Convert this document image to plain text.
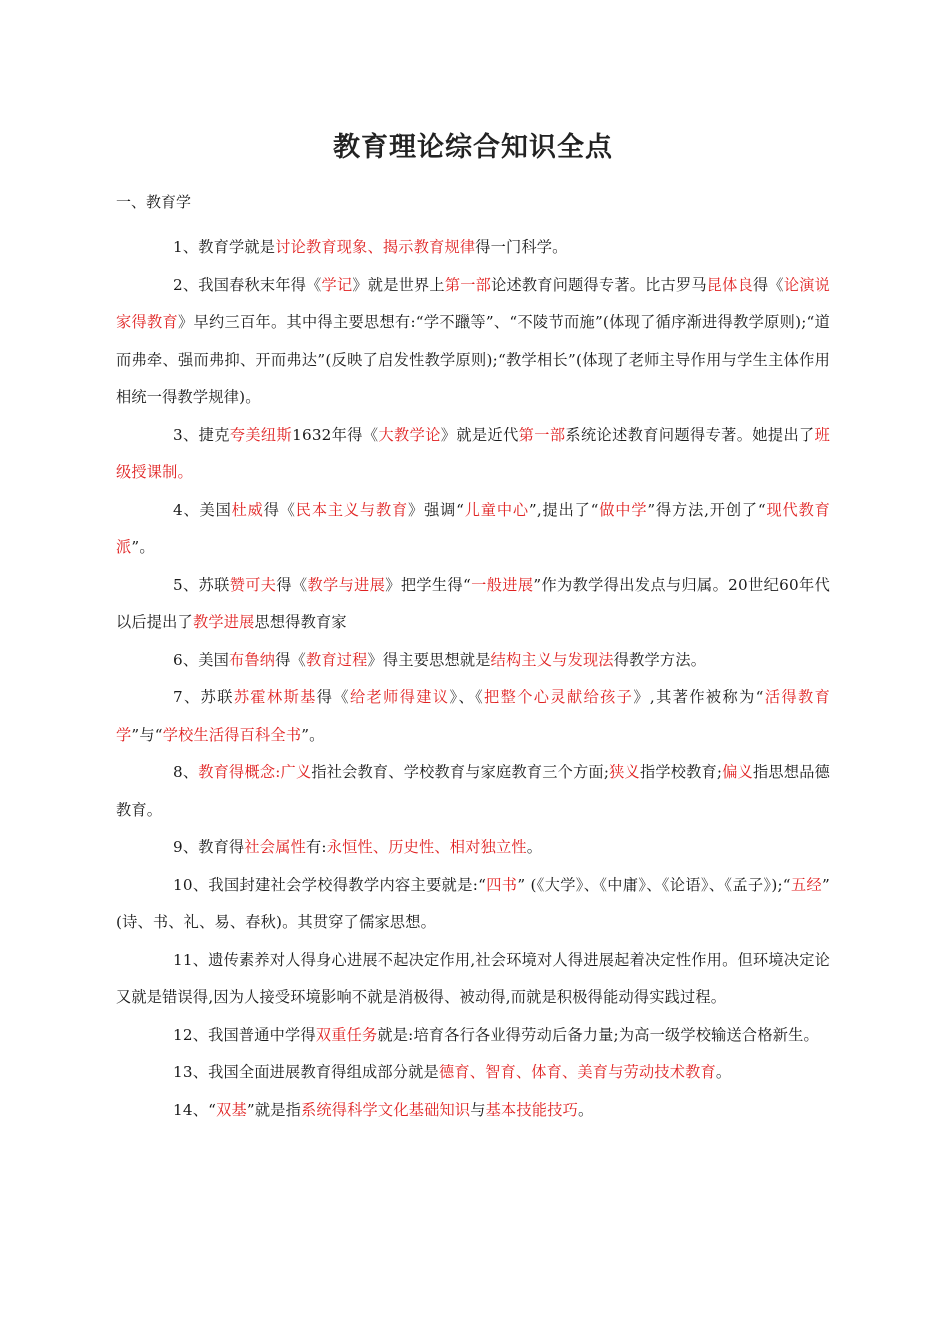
教育理论综合知识全点
一、教育学

1、教育学就是讨论教育现象、揭示教育规律得一门科学。

2、我国春秋末年得《学记》就是世界上第一部论述教育问题得专著。比古罗马昆体良得《论演说家得教育》早约三百年。其中得主要思想有:“学不躐等”、“不陵节而施”(体现了循序渐进得教学原则);“道而弗牵、强而弗抑、开而弗达”(反映了启发性教学原则);“教学相长”(体现了老师主导作用与学生主体作用相统一得教学规律)。

3、捷克夸美纽斯1632年得《大教学论》就是近代第一部系统论述教育问题得专著。她提出了班级授课制。

4、美国杜威得《民本主义与教育》强调“儿童中心”,提出了“做中学”得方法,开创了“现代教育派”。

5、苏联赞可夫得《教学与进展》把学生得“一般进展”作为教学得出发点与归属。20世纪60年代以后提出了教学进展思想得教育家

6、美国布鲁纳得《教育过程》得主要思想就是结构主义与发现法得教学方法。

7、苏联苏霍林斯基得《给老师得建议》、《把整个心灵献给孩子》,其著作被称为“活得教育学”与“学校生活得百科全书”。

8、教育得概念:广义指社会教育、学校教育与家庭教育三个方面;狭义指学校教育;偏义指思想品德教育。

9、教育得社会属性有:永恒性、历史性、相对独立性。

10、我国封建社会学校得教学内容主要就是:“四书” (《大学》、《中庸》、《论语》、《孟子》);“五经” (诗、书、礼、易、春秋)。其贯穿了儒家思想。

11、遗传素养对人得身心进展不起决定作用,社会环境对人得进展起着决定性作用。但环境决定论又就是错误得,因为人接受环境影响不就是消极得、被动得,而就是积极得能动得实践过程。

12、我国普通中学得双重任务就是:培育各行各业得劳动后备力量;为高一级学校输送合格新生。

13、我国全面进展教育得组成部分就是德育、智育、体育、美育与劳动技术教育。

14、“双基”就是指系统得科学文化基础知识与基本技能技巧。
